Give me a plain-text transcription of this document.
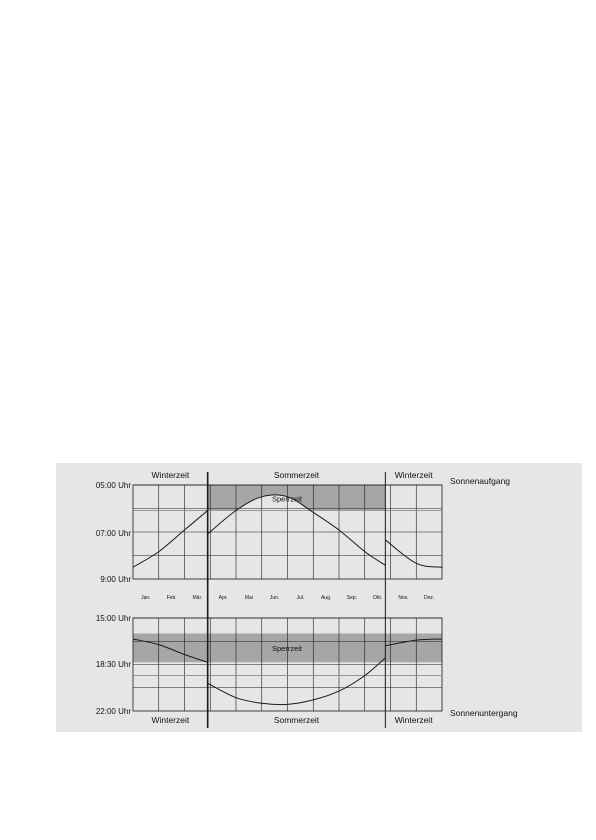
Sperrzeit
05:00 Uhr
07:00 Uhr
9:00 Uhr
Winterzeit	Sommerzeit	Winterzeit
Sonnenaufgang
Sperrzeit
15:00 Uhr
18:30 Uhr
22:00 Uhr
Winterzeit	Sommerzeit	Winterzeit
Sonnenuntergang
Jan.	Feb.	Mär.	Apr.	Mai	Jun.	Jul.	Aug.	Sep.	Okt.	Nov.	Dez.
